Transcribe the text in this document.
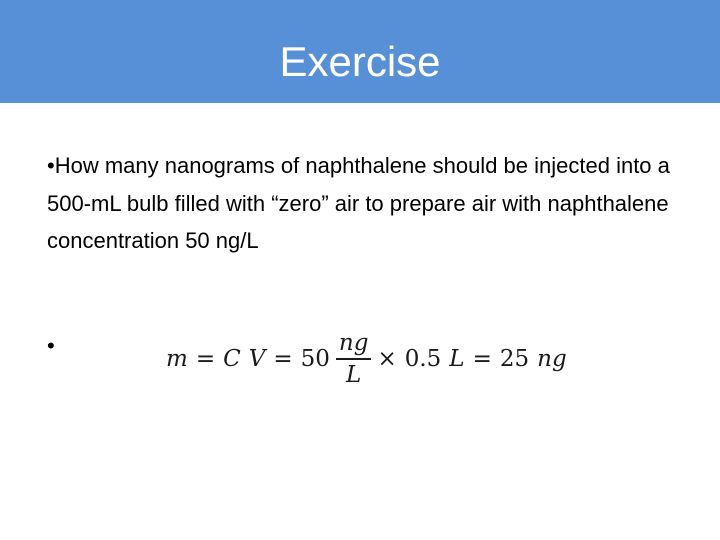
Exercise
•How many nanograms of naphthalene should be injected into a 500-mL bulb filled with “zero” air to prepare air with naphthalene concentration 50 ng/L
•
m = C $V = 50 \frac{ng}{L} \times 0.5$ L = 25 ng
